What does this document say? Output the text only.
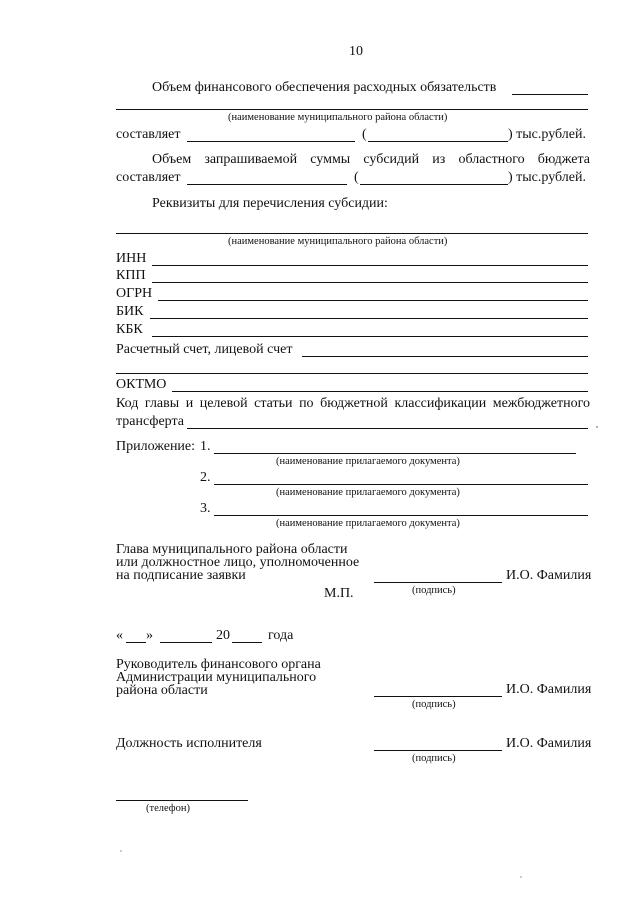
10
Объем финансового обеспечения расходных обязательств
(наименование муниципального района области)
составляет	(	) тыс.рублей.
Объем запрашиваемой суммы субсидий из областного бюджета
составляет	(	) тыс.рублей.
Реквизиты для перечисления субсидии:
(наименование муниципального района области)
ИНН
КПП
ОГРН
БИК
КБК
Расчетный счет, лицевой счет
ОКТМО
Код главы и целевой статьи по бюджетной классификации межбюджетного
трансферта
Приложение: 1.
(наименование прилагаемого документа)
2.
(наименование прилагаемого документа)
3.
(наименование прилагаемого документа)
Глава муниципального района области
или должностное лицо, уполномоченное
на подписание заявки	И.О. Фамилия
М.П.	(подпись)
« »	20	года
Руководитель финансового органа
Администрации муниципального
района области	И.О. Фамилия
(подпись)
Должность исполнителя	И.О. Фамилия
(подпись)
(телефон)
